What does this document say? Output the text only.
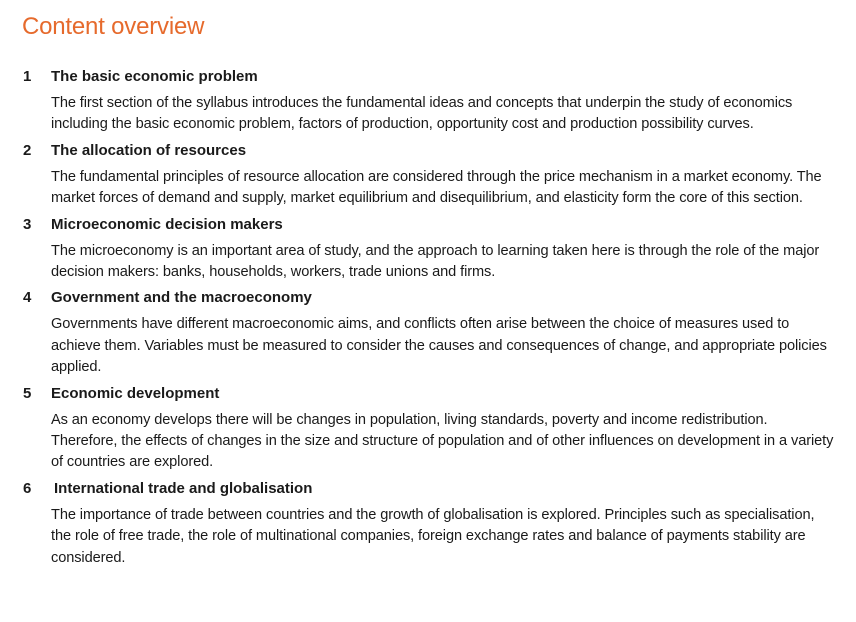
Content overview
1 The basic economic problem

The first section of the syllabus introduces the fundamental ideas and concepts that underpin the study of economics including the basic economic problem, factors of production, opportunity cost and production possibility curves.

2 The allocation of resources

The fundamental principles of resource allocation are considered through the price mechanism in a market economy. The market forces of demand and supply, market equilibrium and disequilibrium, and elasticity form the core of this section.

3 Microeconomic decision makers

The microeconomy is an important area of study, and the approach to learning taken here is through the role of the major decision makers: banks, households, workers, trade unions and firms.

4 Government and the macroeconomy

Governments have different macroeconomic aims, and conflicts often arise between the choice of measures used to achieve them. Variables must be measured to consider the causes and consequences of change, and appropriate policies applied.

5 Economic development

As an economy develops there will be changes in population, living standards, poverty and income redistribution. Therefore, the effects of changes in the size and structure of population and of other influences on development in a variety of countries are explored.

6 International trade and globalisation

The importance of trade between countries and the growth of globalisation is explored. Principles such as specialisation, the role of free trade, the role of multinational companies, foreign exchange rates and balance of payments stability are considered.
